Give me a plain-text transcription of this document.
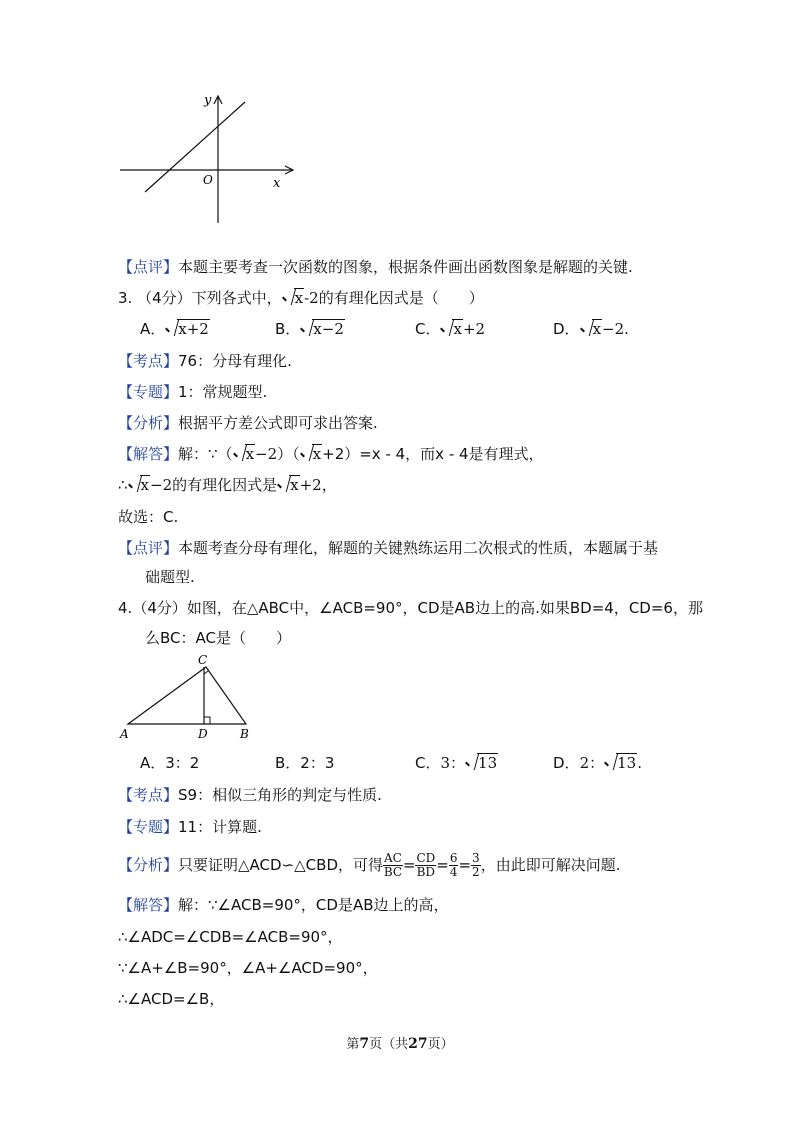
y
O	x
【点评】本题主要考查一次函数的图象，根据条件画出函数图象是解题的关键.
3. （4分）下列各式中， x-2的有理化因式是（　　）
A． x+2	B． x−2	C． x+2	D． x−2.
【考点】76：分母有理化.
【专题】1：常规题型.
【分析】根据平方差公式即可求出答案.
【解答】解：∵（ x−2）（ x+2）=x - 4，而x - 4是有理式，
∴ x−2的有理化因式是 x+2，
故选：C.
【点评】本题考查分母有理化，解题的关键熟练运用二次根式的性质，本题属于基
础题型.
4.（4分）如图，在△ABC中，∠ACB=90°，CD是AB边上的高.如果BD=4，CD=6，那
么BC：AC是（　　）
C
A	D	B
A．3：2	B．2：3	C．3： 13	D．2： 13.
【考点】S9：相似三角形的判定与性质.
【专题】11：计算题.
【分析】只要证明△ACD∽△CBD，可得 $\frac{AC}{BC} = \frac{CD}{BD} = \frac{6}{4} = \frac{3}{2}$ ，由此即可解决问题.
【解答】解：∵∠ACB=90°，CD是AB边上的高，
∴∠ADC=∠CDB=∠ACB=90°，
∵∠A+∠B=90°，∠A+∠ACD=90°，
∴∠ACD=∠B，
第7页（共27页）
